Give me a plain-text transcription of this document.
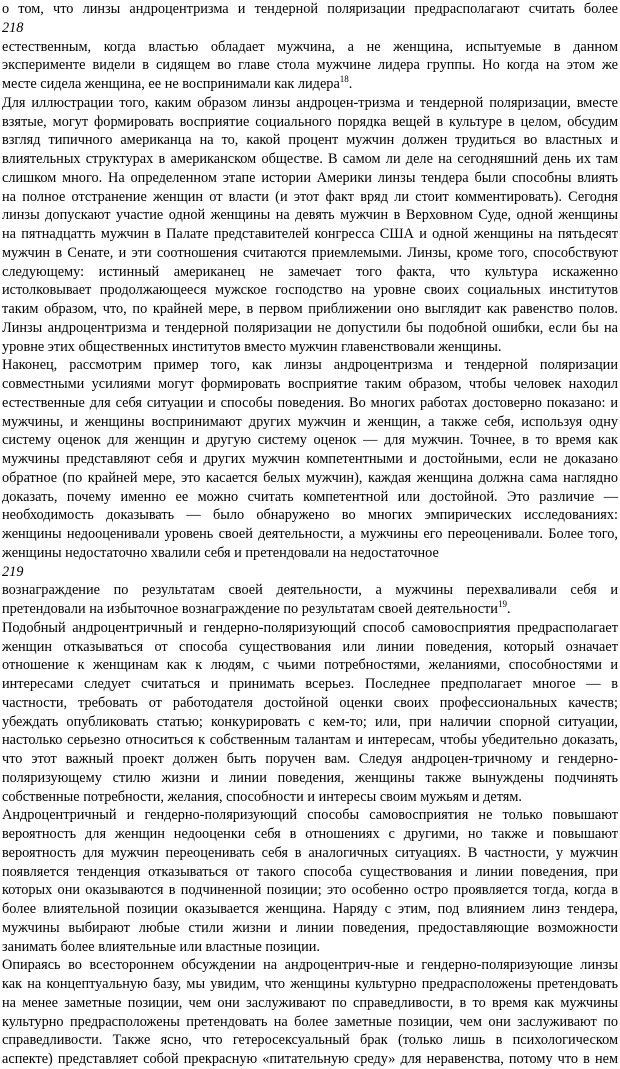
о том, что линзы андроцентризма и тендерной поляризации предрасполагают считать более
218
естественным, когда властью обладает мужчина, а не женщина, испытуемые в данном
эксперименте видели в сидящем во главе стола мужчине лидера группы. Но когда на этом же
месте сидела женщина, ее не воспринимали как лидера$^{18}$.
Для иллюстрации того, каким образом линзы андроцен-тризма и тендерной поляризации, вместе
взятые, могут формировать восприятие социального порядка вещей в культуре в целом, обсудим
взгляд типичного американца на то, какой процент мужчин должен трудиться во властных и
влиятельных структурах в американском обществе. В самом ли деле на сегодняшний день их там
слишком много. На определенном этапе истории Америки линзы тендера были способны влиять
на полное отстранение женщин от власти (и этот факт вряд ли стоит комментировать). Сегодня
линзы допускают участие одной женщины на девять мужчин в Верховном Суде, одной женщины
на пятнадцатть мужчин в Палате представителей конгресса США и одной женщины на пятьдесят
мужчин в Сенате, и эти соотношения считаются приемлемыми. Линзы, кроме того, способствуют
следующему: истинный американец не замечает того факта, что культура искаженно
истолковывает продолжающееся мужское господство на уровне своих социальных институтов
таким образом, что, по крайней мере, в первом приближении оно выглядит как равенство полов.
Линзы андроцентризма и тендерной поляризации не допустили бы подобной ошибки, если бы на
уровне этих общественных институтов вместо мужчин главенствовали женщины.
Наконец, рассмотрим пример того, как линзы андроцентризма и тендерной поляризации
совместными усилиями могут формировать восприятие таким образом, чтобы человек находил
естественные для себя ситуации и способы поведения. Во многих работах достоверно показано: и
мужчины, и женщины воспринимают других мужчин и женщин, а также себя, используя одну
систему оценок для женщин и другую систему оценок — для мужчин. Точнее, в то время как
мужчины представляют себя и других мужчин компетентными и достойными, если не доказано
обратное (по крайней мере, это касается белых мужчин), каждая женщина должна сама наглядно
доказать, почему именно ее можно считать компетентной или достойной. Это различие —
необходимость доказывать — было обнаружено во многих эмпирических исследованиях:
женщины недооценивали уровень своей деятельности, а мужчины его переоценивали. Более того,
женщины недостаточно хвалили себя и претендовали на недостаточное
219
вознаграждение по результатам своей деятельности, а мужчины перехваливали себя и
претендовали на избыточное вознаграждение по результатам своей деятельности$^{19}$.
Подобный андроцентричный и гендерно-поляризующий способ самовосприятия предрасполагает
женщин отказываться от способа существования или линии поведения, который означает
отношение к женщинам как к людям, с чьими потребностями, желаниями, способностями и
интересами следует считаться и принимать всерьез. Последнее предполагает многое — в
частности, требовать от работодателя достойной оценки своих профессиональных качеств;
убеждать опубликовать статью; конкурировать с кем-то; или, при наличии спорной ситуации,
настолько серьезно относиться к собственным талантам и интересам, чтобы убедительно доказать,
что этот важный проект должен быть поручен вам. Следуя андроцен-тричному и гендерно-
поляризующему стилю жизни и линии поведения, женщины также вынуждены подчинять
собственные потребности, желания, способности и интересы своим мужьям и детям.
Андроцентричный и гендерно-поляризующий способы самовосприятия не только повышают
вероятность для женщин недооценки себя в отношениях с другими, но также и повышают
вероятность для мужчин переоценивать себя в аналогичных ситуациях. В частности, у мужчин
появляется тенденция отказываться от такого способа существования и линии поведения, при
которых они оказываются в подчиненной позиции; это особенно остро проявляется тогда, когда в
более влиятельной позиции оказывается женщина. Наряду с этим, под влиянием линз тендера,
мужчины выбирают любые стили жизни и линии поведения, предоставляющие возможности
занимать более влиятельные или властные позиции.
Опираясь во всестороннем обсуждении на андроцентрич-ные и гендерно-поляризующие линзы
как на концептуальную базу, мы увидим, что женщины культурно предрасположены претендовать
на менее заметные позиции, чем они заслуживают по справедливости, в то время как мужчины
культурно предрасположены претендовать на более заметные позиции, чем они заслуживают по
справедливости. Также ясно, что гетеросексуальный брак (только лишь в психологическом
аспекте) представляет собой прекрасную «питательную среду» для неравенства, потому что в нем
